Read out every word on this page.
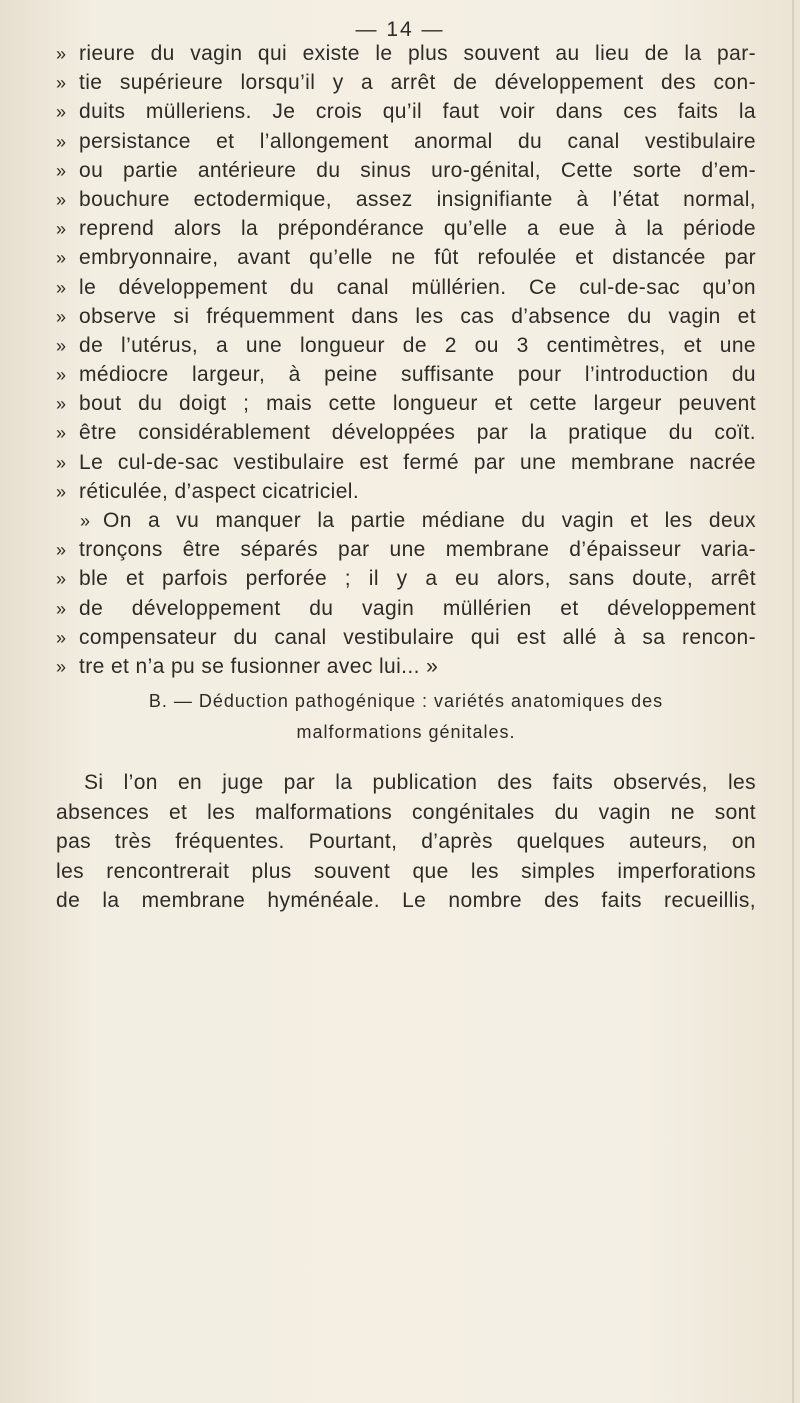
— 14 —
» rieure du vagin qui existe le plus souvent au lieu de la par-
» tie supérieure lorsqu’il y a arrêt de développement des con-
» duits mülleriens. Je crois qu’il faut voir dans ces faits la
» persistance et l’allongement anormal du canal vestibulaire
» ou partie antérieure du sinus uro-génital, Cette sorte d’em-
» bouchure ectodermique, assez insignifiante à l’état normal,
» reprend alors la prépondérance qu’elle a eue à la période
» embryonnaire, avant qu’elle ne fût refoulée et distancée par
» le développement du canal müllérien. Ce cul-de-sac qu’on
» observe si fréquemment dans les cas d’absence du vagin et
» de l’utérus, a une longueur de 2 ou 3 centimètres, et une
» médiocre largeur, à peine suffisante pour l’introduction du
» bout du doigt ; mais cette longueur et cette largeur peuvent
» être considérablement développées par la pratique du coït.
» Le cul-de-sac vestibulaire est fermé par une membrane nacrée
» réticulée, d’aspect cicatriciel.
» On a vu manquer la partie médiane du vagin et les deux
» tronçons être séparés par une membrane d’épaisseur varia-
» ble et parfois perforée ; il y a eu alors, sans doute, arrêt
» de développement du vagin müllérien et développement
» compensateur du canal vestibulaire qui est allé à sa rencon-
» tre et n’a pu se fusionner avec lui... »
B. — Déduction pathogénique : variétés anatomiques des
malformations génitales.
Si l’on en juge par la publication des faits observés, les
absences et les malformations congénitales du vagin ne sont
pas très fréquentes. Pourtant, d’après quelques auteurs, on
les rencontrerait plus souvent que les simples imperforations
de la membrane hyménéale. Le nombre des faits recueillis,
